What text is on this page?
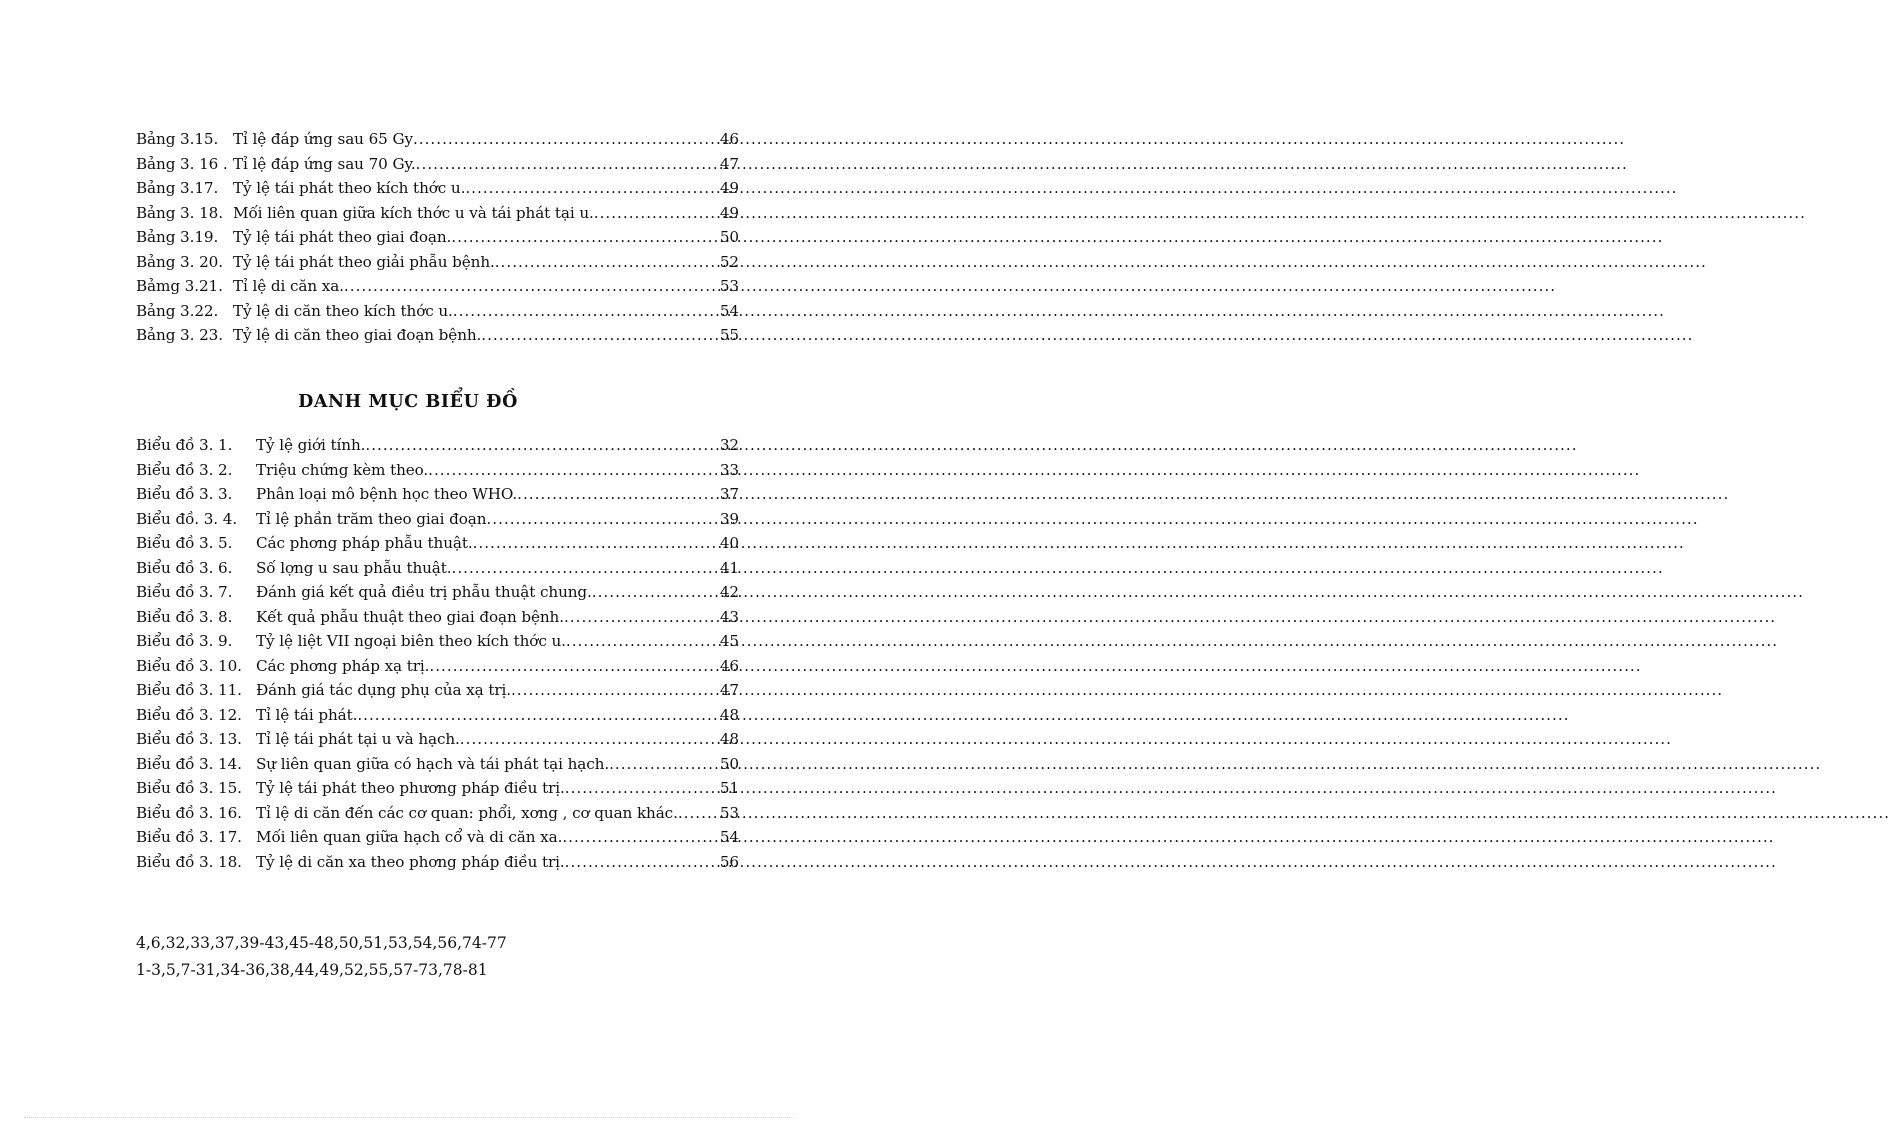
Bảng 3.15. Tỉ lệ đáp ứng sau 65 Gy .....	46
Bảng 3. 16 . Tỉ lệ đáp ứng sau 70 Gy. .....	47
Bảng 3.17. Tỷ lệ tái phát theo kích thớc u. .....	49
Bảng 3. 18. Mối liên quan giữa kích thớc u và tái phát tại u. .....	49
Bảng 3.19. Tỷ lệ tái phát theo giai đoạn. .....	50
Bảng 3. 20. Tỷ lệ tái phát theo giải phẫu bệnh. .....	52
Bảmg 3.21. Tỉ lệ di căn xa. .....	53
Bảng 3.22. Tỷ lệ di căn theo kích thớc u. .....	54
Bảng 3. 23. Tỷ lệ di căn theo giai đoạn bệnh. .....	55
DANH MỤC BIỂU ĐỒ
Biểu đồ 3. 1.	Tỷ lệ giới tính. .....	32
Biểu đồ 3. 2.	Triệu chứng kèm theo. .....	33
Biểu đồ 3. 3.	Phân loại mô bệnh học theo WHO. .....	37
Biểu đồ. 3. 4.	Tỉ lệ phần trăm theo giai đoạn .....	39
Biểu đồ 3. 5.	Các phơng pháp phẫu thuật. .....	40
Biểu đồ 3. 6.	Số lợng u sau phẫu thuật. .....	41
Biểu đồ 3. 7.	Đánh giá kết quả điều trị phẫu thuật chung. .....	42
Biểu đồ 3. 8.	Kết quả phẫu thuật theo giai đoạn bệnh. .....	43
Biểu đồ 3. 9.	Tỷ lệ liệt VII ngoại biên theo kích thớc u. .....	45
Biểu đồ 3. 10. Các phơng pháp xạ trị. .....	46
Biểu đồ 3. 11. Đánh giá tác dụng phụ của xạ trị. .....	47
Biểu đồ 3. 12. Tỉ lệ tái phát. .....	48
Biểu đồ 3. 13. Tỉ lệ tái phát tại u và hạch. .....	48
Biểu đồ 3. 14. Sự liên quan giữa có hạch và tái phát tại hạch. .....	50
Biểu đồ 3. 15. Tỷ lệ tái phát theo phương pháp điều trị. .....	51
Biểu đồ 3. 16. Tỉ lệ di căn đến các cơ quan: phổi, xơng , cơ quan khác. .....	53
Biểu đồ 3. 17. Mối liên quan giữa hạch cổ và di căn xa. .....	54
Biểu đồ 3. 18. Tỷ lệ di căn xa theo phơng pháp điều trị. .....	56
4,6,32,33,37,39-43,45-48,50,51,53,54,56,74-77
1-3,5,7-31,34-36,38,44,49,52,55,57-73,78-81
